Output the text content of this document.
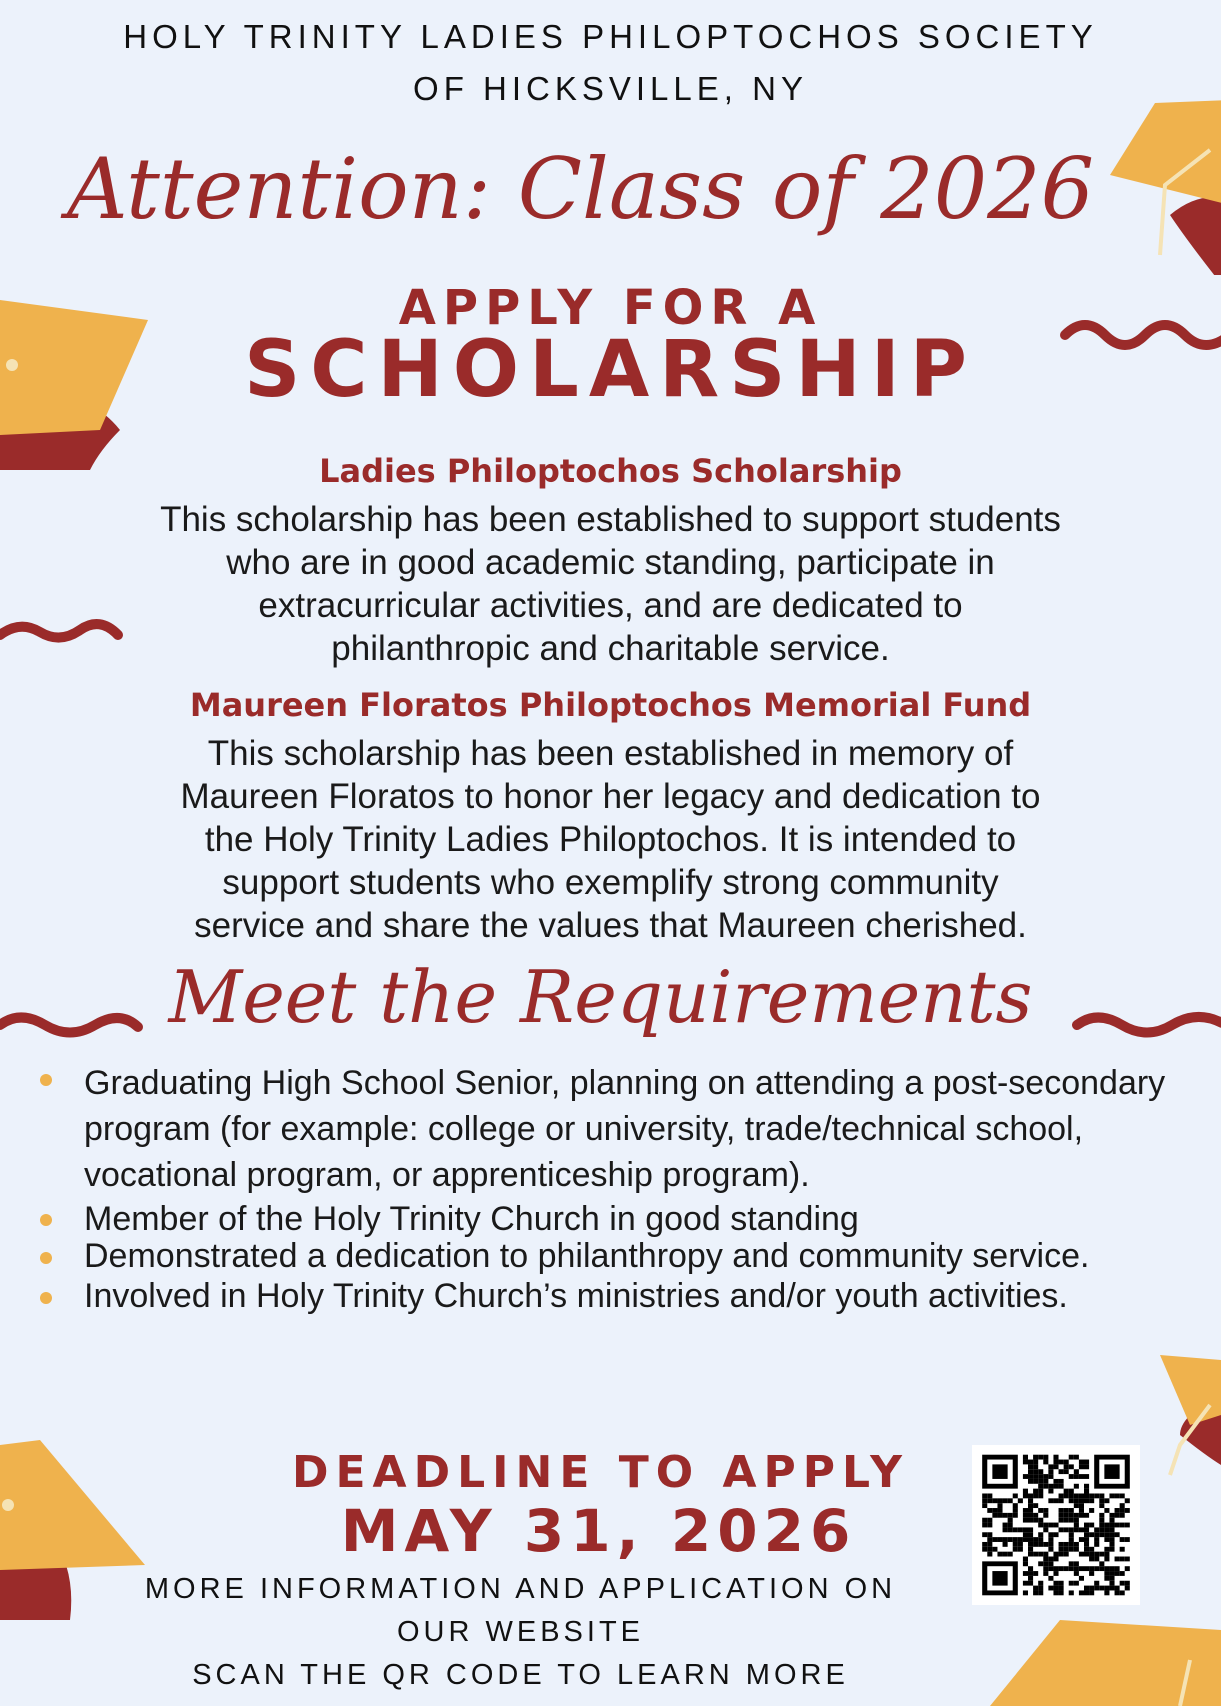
HOLY TRINITY LADIES PHILOPTOCHOS SOCIETY
OF HICKSVILLE, NY
Attention: Class of 2026
APPLY FOR A
SCHOLARSHIP
Ladies Philoptochos Scholarship
This scholarship has been established to support students
who are in good academic standing, participate in
extracurricular activities, and are dedicated to
philanthropic and charitable service.
Maureen Floratos Philoptochos Memorial Fund
This scholarship has been established in memory of
Maureen Floratos to honor her legacy and dedication to
the Holy Trinity Ladies Philoptochos. It is intended to
support students who exemplify strong community
service and share the values that Maureen cherished.
Meet the Requirements
Graduating High School Senior, planning on attending a post-secondary program (for example: college or university, trade/technical school, vocational program, or apprenticeship program).
Member of the Holy Trinity Church in good standing
Demonstrated a dedication to philanthropy and community service.
Involved in Holy Trinity Church’s ministries and/or youth activities.
DEADLINE TO APPLY
MAY 31, 2026
MORE INFORMATION AND APPLICATION ON
OUR WEBSITE
SCAN THE QR CODE TO LEARN MORE
